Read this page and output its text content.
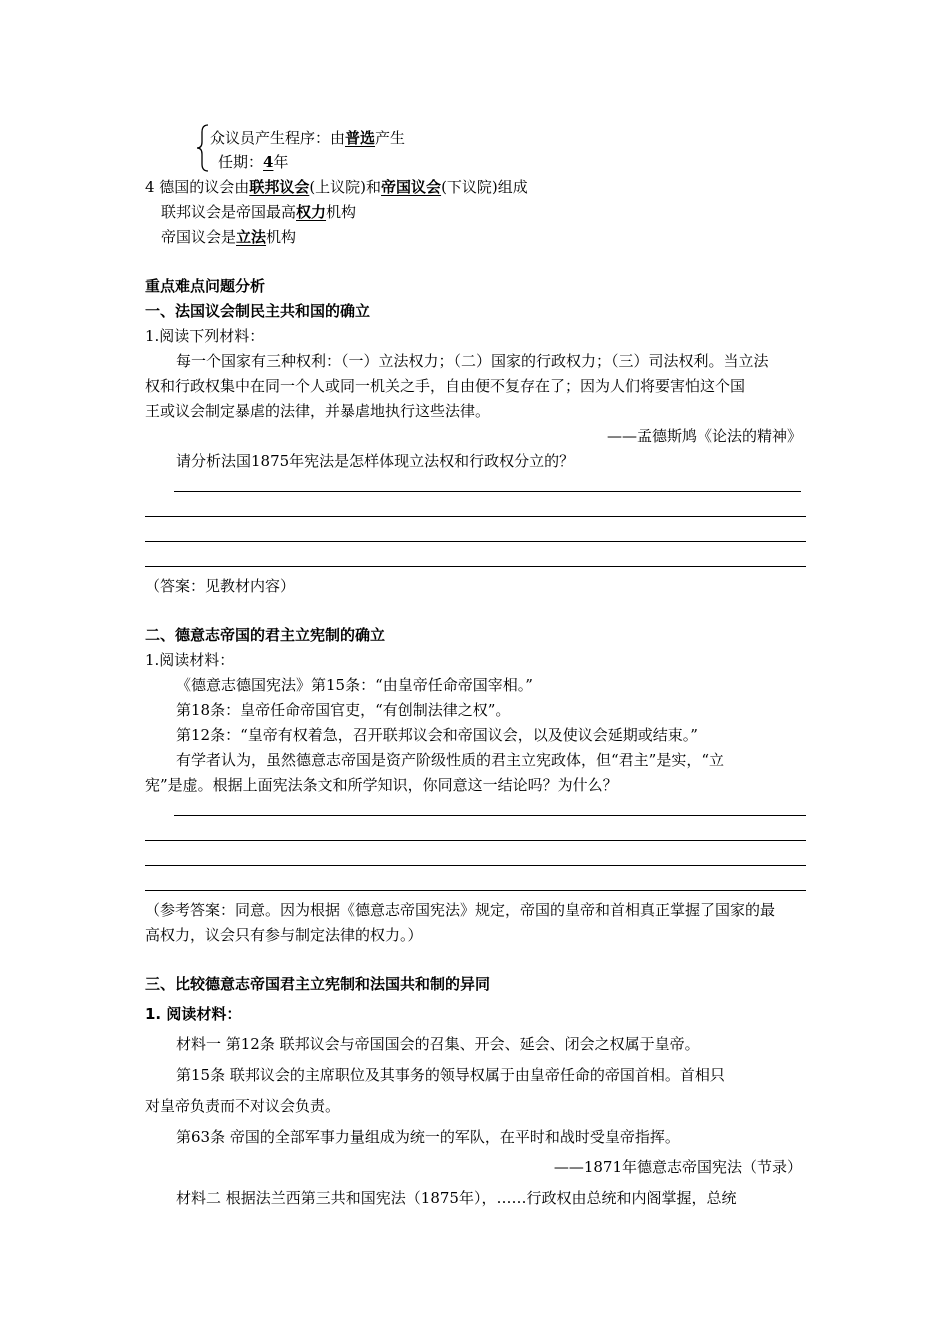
众议员产生程序：由普选产生
任期：4年
4 德国的议会由联邦议会(上议院)和帝国议会(下议院)组成
联邦议会是帝国最高权力机构
帝国议会是立法机构
重点难点问题分析
一、法国议会制民主共和国的确立
1.阅读下列材料：
每一个国家有三种权利：（一）立法权力；（二）国家的行政权力；（三）司法权利。当立法
权和行政权集中在同一个人或同一机关之手，自由便不复存在了；因为人们将要害怕这个国
王或议会制定暴虐的法律，并暴虐地执行这些法律。
——孟德斯鸠《论法的精神》
请分析法国1875年宪法是怎样体现立法权和行政权分立的？
（答案：见教材内容）
二、德意志帝国的君主立宪制的确立
1.阅读材料：
《德意志德国宪法》第15条：“由皇帝任命帝国宰相。”
第18条：皇帝任命帝国官吏，“有创制法律之权”。
第12条：“皇帝有权着急，召开联邦议会和帝国议会，以及使议会延期或结束。”
有学者认为，虽然德意志帝国是资产阶级性质的君主立宪政体，但“君主”是实，“立
宪”是虚。根据上面宪法条文和所学知识，你同意这一结论吗？为什么？
（参考答案：同意。因为根据《德意志帝国宪法》规定，帝国的皇帝和首相真正掌握了国家的最
高权力，议会只有参与制定法律的权力。）
三、比较德意志帝国君主立宪制和法国共和制的异同
1. 阅读材料：
材料一 第12条 联邦议会与帝国国会的召集、开会、延会、闭会之权属于皇帝。
第15条 联邦议会的主席职位及其事务的领导权属于由皇帝任命的帝国首相。首相只
对皇帝负责而不对议会负责。
第63条 帝国的全部军事力量组成为统一的军队，在平时和战时受皇帝指挥。
——1871年德意志帝国宪法（节录）
材料二 根据法兰西第三共和国宪法（1875年），……行政权由总统和内阁掌握，总统
